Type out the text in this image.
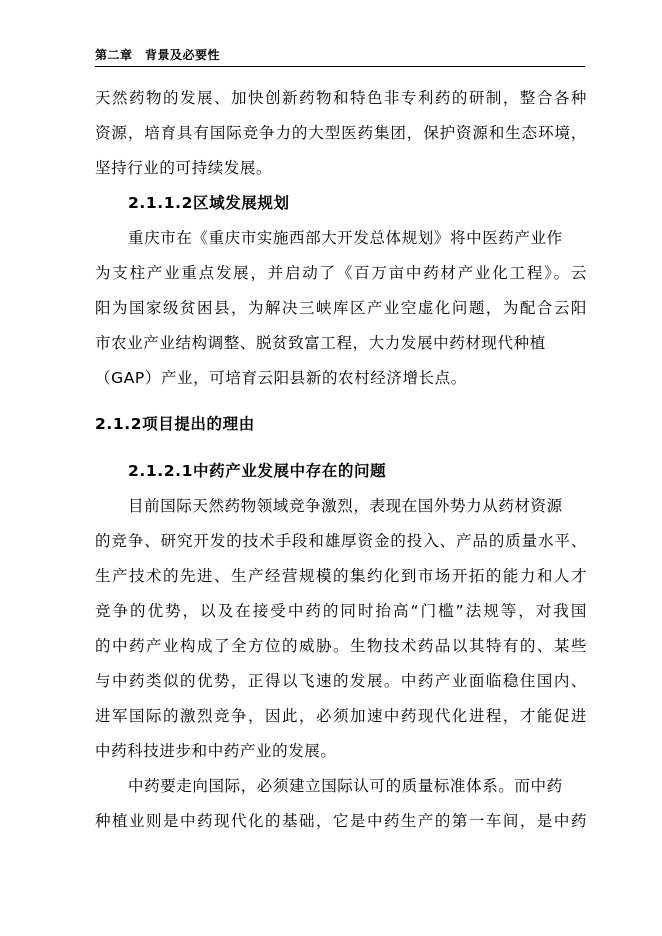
第二章　背景及必要性
天然药物的发展、加快创新药物和特色非专利药的研制，整合各种
资源，培育具有国际竞争力的大型医药集团，保护资源和生态环境，
坚持行业的可持续发展。
2.1.1.2区域发展规划
重庆市在《重庆市实施西部大开发总体规划》将中医药产业作
为支柱产业重点发展，并启动了《百万亩中药材产业化工程》。云
阳为国家级贫困县，为解决三峡库区产业空虚化问题，为配合云阳
市农业产业结构调整、脱贫致富工程，大力发展中药材现代种植
（GAP）产业，可培育云阳县新的农村经济增长点。
2.1.2项目提出的理由
2.1.2.1中药产业发展中存在的问题
目前国际天然药物领域竞争激烈，表现在国外势力从药材资源
的竞争、研究开发的技术手段和雄厚资金的投入、产品的质量水平、
生产技术的先进、生产经营规模的集约化到市场开拓的能力和人才
竞争的优势，以及在接受中药的同时抬高“门槛”法规等，对我国
的中药产业构成了全方位的威胁。生物技术药品以其特有的、某些
与中药类似的优势，正得以飞速的发展。中药产业面临稳住国内、
进军国际的激烈竞争，因此，必须加速中药现代化进程，才能促进
中药科技进步和中药产业的发展。
中药要走向国际，必须建立国际认可的质量标准体系。而中药
种植业则是中药现代化的基础，它是中药生产的第一车间，是中药
